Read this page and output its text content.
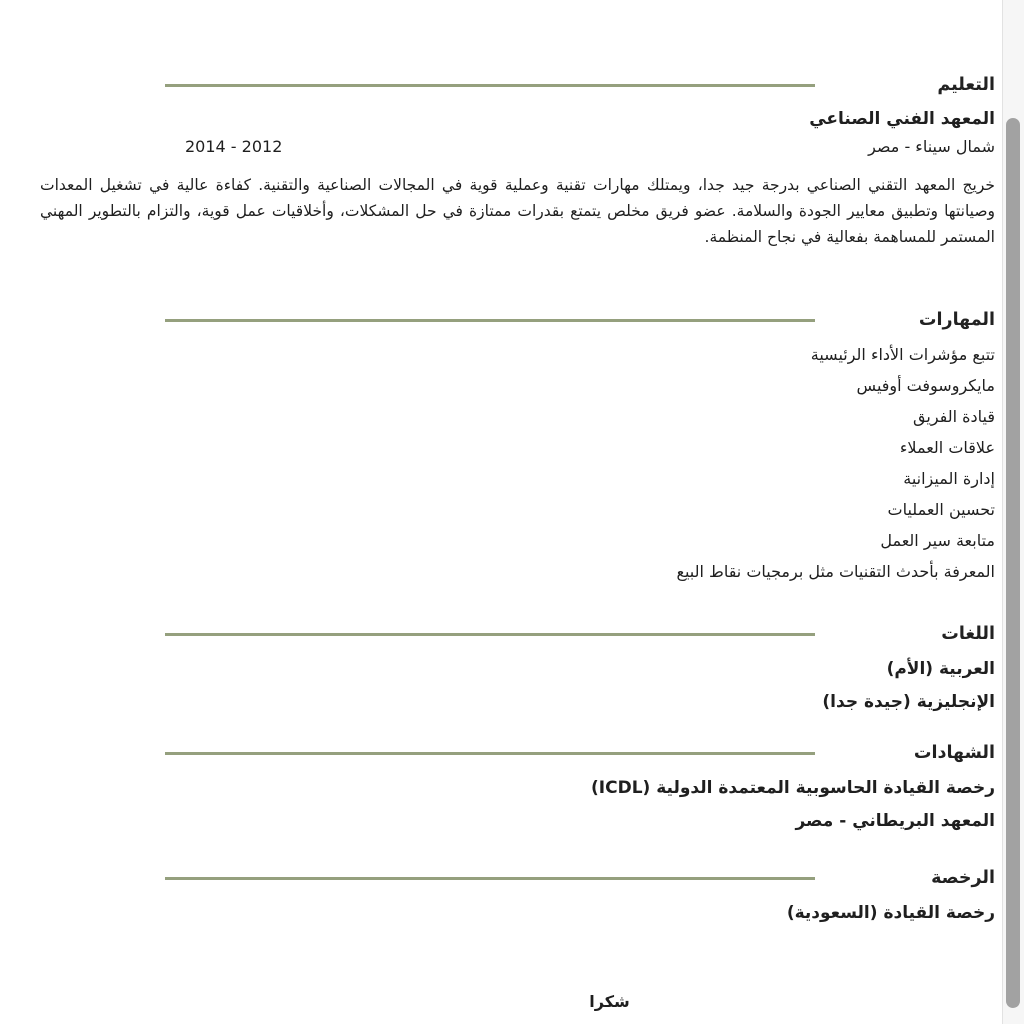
التعليم
المعهد الفني الصناعي
شمال سيناء - مصر
2012 - 2014

خريج المعهد التقني الصناعي بدرجة جيد جدا، ويمتلك مهارات تقنية وعملية قوية في المجالات الصناعية والتقنية. كفاءة عالية في تشغيل المعدات وصيانتها وتطبيق معايير الجودة والسلامة. عضو فريق مخلص يتمتع بقدرات ممتازة في حل المشكلات، وأخلاقيات عمل قوية، والتزام بالتطوير المهني المستمر للمساهمة بفعالية في نجاح المنظمة.

المهارات
تتبع مؤشرات الأداء الرئيسية
مايكروسوفت أوفيس
قيادة الفريق
علاقات العملاء
إدارة الميزانية
تحسين العمليات
متابعة سير العمل
المعرفة بأحدث التقنيات مثل برمجيات نقاط البيع
اللغات
العربية (الأم)
الإنجليزية (جيدة جدا)
الشهادات
رخصة القيادة الحاسوبية المعتمدة الدولية (ICDL)
المعهد البريطاني - مصر
الرخصة
رخصة القيادة (السعودية)
شكرا
